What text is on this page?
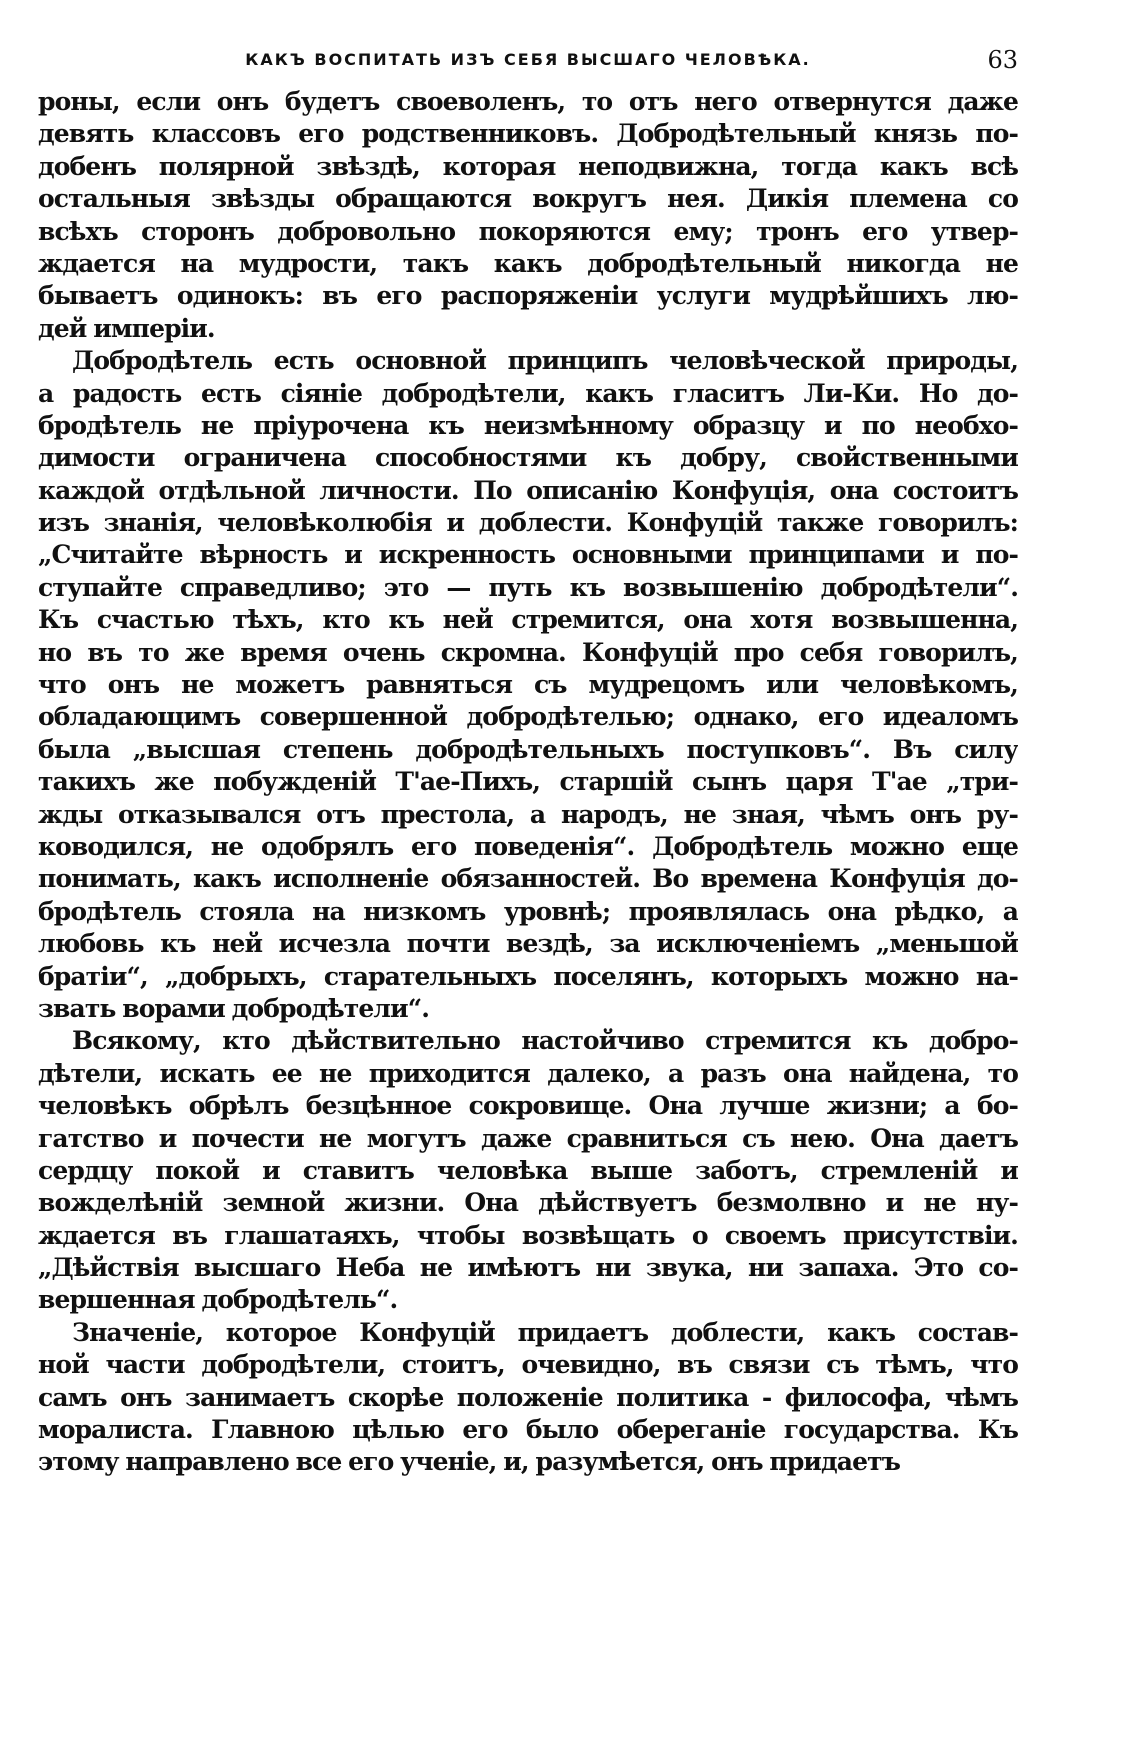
КАКЪ ВОСПИТАТЬ ИЗЪ СЕБЯ ВЫСШАГО ЧЕЛОВѢКА.	63
роны, если онъ будетъ своеволенъ, то отъ него отвернутся даже
девять классовъ его родственниковъ. Добродѣтельный князь по-
добенъ полярной звѣздѣ, которая неподвижна, тогда какъ всѣ
остальныя звѣзды обращаются вокругъ нея. Дикія племена со
всѣхъ сторонъ добровольно покоряются ему; тронъ его утвер-
ждается на мудрости, такъ какъ добродѣтельный никогда не
бываетъ одинокъ: въ его распоряженіи услуги мудрѣйшихъ лю-
дей имперіи.
Добродѣтель есть основной принципъ человѣческой природы,
а радость есть сіяніе добродѣтели, какъ гласитъ Ли-Ки. Но до-
бродѣтель не пріурочена къ неизмѣнному образцу и по необхо-
димости ограничена способностями къ добру, свойственными
каждой отдѣльной личности. По описанію Конфуція, она состоитъ
изъ знанія, человѣколюбія и доблести. Конфуцій также говорилъ:
„Считайте вѣрность и искренность основными принципами и по-
ступайте справедливо; это — путь къ возвышенію добродѣтели“.
Къ счастью тѣхъ, кто къ ней стремится, она хотя возвышенна,
но въ то же время очень скромна. Конфуцій про себя говорилъ,
что онъ не можетъ равняться съ мудрецомъ или человѣкомъ,
обладающимъ совершенной добродѣтелью; однако, его идеаломъ
была „высшая степень добродѣтельныхъ поступковъ“. Въ силу
такихъ же побужденій Т'ае-Пихъ, старшій сынъ царя Т'ае „три-
жды отказывался отъ престола, а народъ, не зная, чѣмъ онъ ру-
ководился, не одобрялъ его поведенія“. Добродѣтель можно еще
понимать, какъ исполненіе обязанностей. Во времена Конфуція до-
бродѣтель стояла на низкомъ уровнѣ; проявлялась она рѣдко, а
любовь къ ней исчезла почти вездѣ, за исключеніемъ „меньшой
братіи“, „добрыхъ, старательныхъ поселянъ, которыхъ можно на-
звать ворами добродѣтели“.
Всякому, кто дѣйствительно настойчиво стремится къ добро-
дѣтели, искать ее не приходится далеко, а разъ она найдена, то
человѣкъ обрѣлъ безцѣнное сокровище. Она лучше жизни; а бо-
гатство и почести не могутъ даже сравниться съ нею. Она даетъ
сердцу покой и ставитъ человѣка выше заботъ, стремленій и
вожделѣній земной жизни. Она дѣйствуетъ безмолвно и не ну-
ждается въ глашатаяхъ, чтобы возвѣщать о своемъ присутствіи.
„Дѣйствія высшаго Неба не имѣютъ ни звука, ни запаха. Это со-
вершенная добродѣтель“.
Значеніе, которое Конфуцій придаетъ доблести, какъ состав-
ной части добродѣтели, стоитъ, очевидно, въ связи съ тѣмъ, что
самъ онъ занимаетъ скорѣе положеніе политика - философа, чѣмъ
моралиста. Главною цѣлью его было обереганіе государства. Къ
этому направлено все его ученіе, и, разумѣется, онъ придаетъ
